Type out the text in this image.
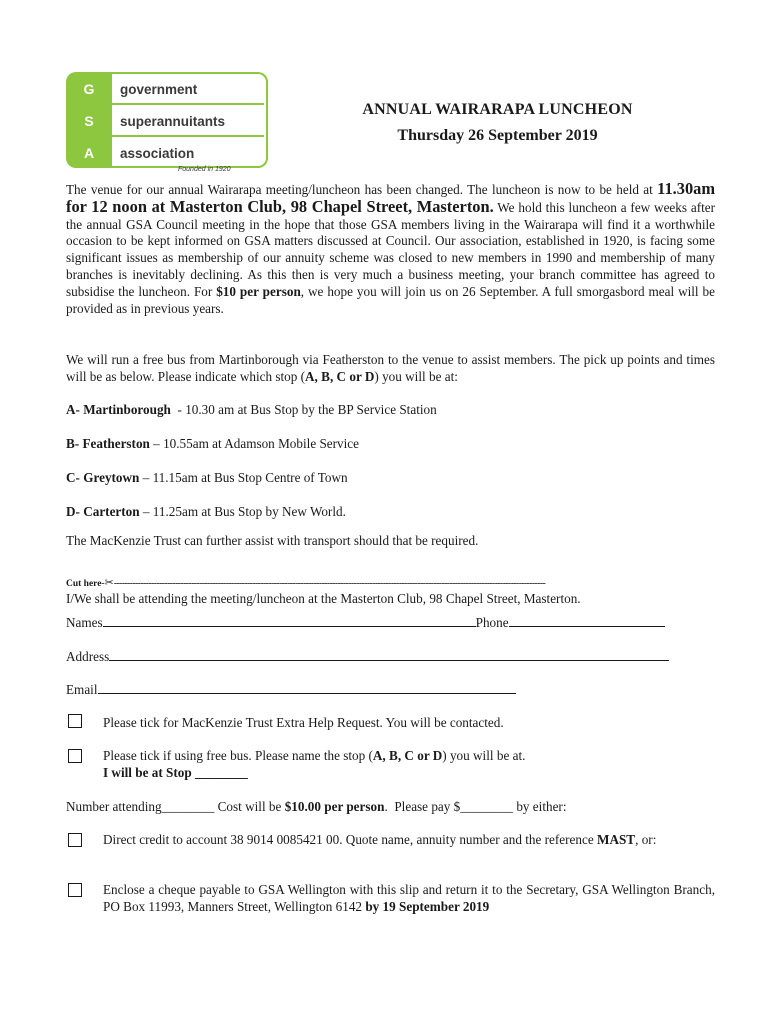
G
S
A
government
superannuitants
association
Founded in 1920
ANNUAL WAIRARAPA LUNCHEON
Thursday 26 September 2019
The venue for our annual Wairarapa meeting/luncheon has been changed. The luncheon is now to be held at 11.30am for 12 noon at Masterton Club, 98 Chapel Street, Masterton. We hold this luncheon a few weeks after the annual GSA Council meeting in the hope that those GSA members living in the Wairarapa will find it a worthwhile occasion to be kept informed on GSA matters discussed at Council. Our association, established in 1920, is facing some significant issues as membership of our annuity scheme was closed to new members in 1990 and membership of many branches is inevitably declining. As this then is very much a business meeting, your branch committee has agreed to subsidise the luncheon. For $10 per person, we hope you will join us on 26 September. A full smorgasbord meal will be provided as in previous years.
We will run a free bus from Martinborough via Featherston to the venue to assist members. The pick up points and times will be as below. Please indicate which stop (A, B, C or D) you will be at:
A- Martinborough  - 10.30 am at Bus Stop by the BP Service Station
B- Featherston – 10.55am at Adamson Mobile Service
C- Greytown – 11.15am at Bus Stop Centre of Town
D- Carterton – 11.25am at Bus Stop by New World.
The MacKenzie Trust can further assist with transport should that be required.
Cut here-✂------------------------------------------------------------------------------------------------------------------------------------------------------------------
I/We shall be attending the meeting/luncheon at the Masterton Club, 98 Chapel Street, Masterton.
Names	Phone
Address
Email
Please tick for MacKenzie Trust Extra Help Request. You will be contacted.
Please tick if using free bus. Please name the stop (A, B, C or D) you will be at.
I will be at Stop ________
Number attending________ Cost will be $10.00 per person.  Please pay $________ by either:
Direct credit to account 38 9014 0085421 00. Quote name, annuity number and the reference MAST, or:
Enclose a cheque payable to GSA Wellington with this slip and return it to the Secretary, GSA Wellington Branch, PO Box 11993, Manners Street, Wellington 6142 by 19 September 2019
